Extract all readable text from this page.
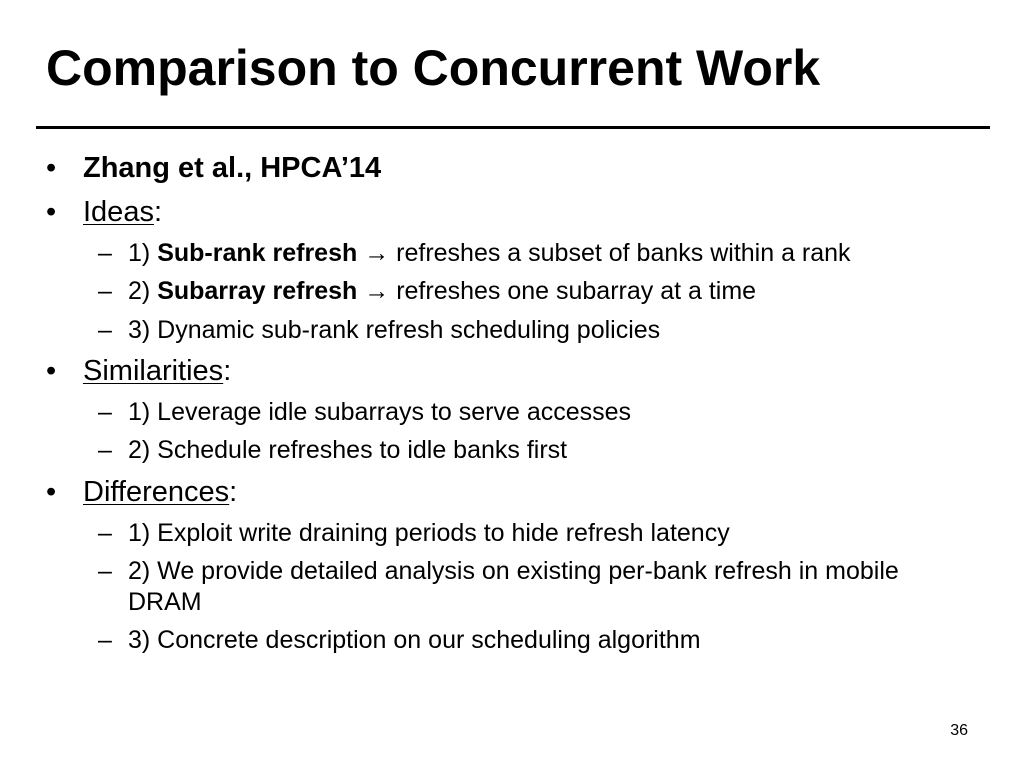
Comparison to Concurrent Work
• Zhang et al., HPCA’14
• Ideas:
– 1) Sub-rank refresh → refreshes a subset of banks within a rank
– 2) Subarray refresh → refreshes one subarray at a time
– 3) Dynamic sub-rank refresh scheduling policies
• Similarities:
– 1) Leverage idle subarrays to serve accesses
– 2) Schedule refreshes to idle banks first
• Differences:
– 1) Exploit write draining periods to hide refresh latency
– 2) We provide detailed analysis on existing per-bank refresh in mobile DRAM
– 3) Concrete description on our scheduling algorithm
36
